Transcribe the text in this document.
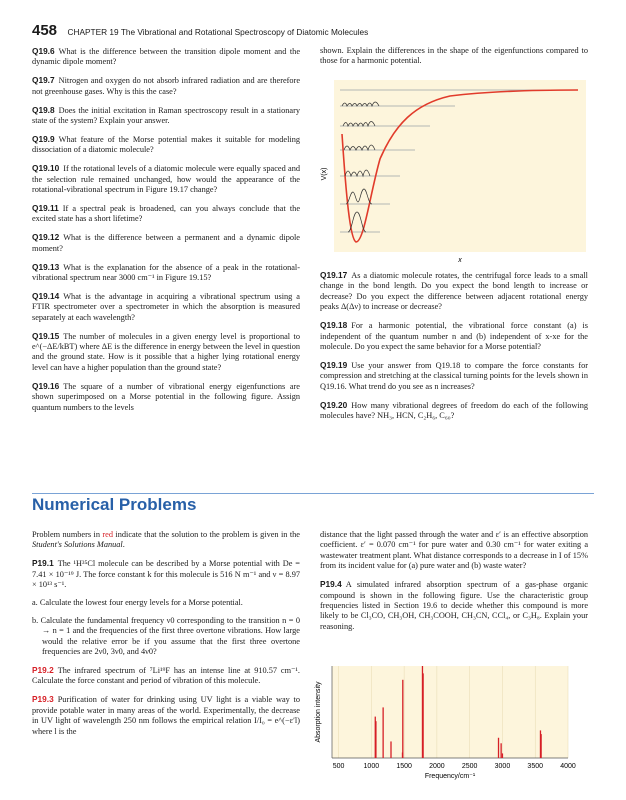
458 CHAPTER 19 The Vibrational and Rotational Spectroscopy of Diatomic Molecules

Q19.6 What is the difference between the transition dipole moment and the dynamic dipole moment?

Q19.7 Nitrogen and oxygen do not absorb infrared radiation and are therefore not greenhouse gases. Why is this the case?

Q19.8 Does the initial excitation in Raman spectroscopy result in a stationary state of the system? Explain your answer.

Q19.9 What feature of the Morse potential makes it suitable for modeling dissociation of a diatomic molecule?

Q19.10 If the rotational levels of a diatomic molecule were equally spaced and the selection rule remained unchanged, how would the appearance of the rotational-vibrational spectrum in Figure 19.17 change?

Q19.11 If a spectral peak is broadened, can you always conclude that the excited state has a short lifetime?

Q19.12 What is the difference between a permanent and a dynamic dipole moment?

Q19.13 What is the explanation for the absence of a peak in the rotational-vibrational spectrum near 3000 cm⁻¹ in Figure 19.15?

Q19.14 What is the advantage in acquiring a vibrational spectrum using a FTIR spectrometer over a spectrometer in which the absorption is measured separately at each wavelength?

Q19.15 The number of molecules in a given energy level is proportional to e^(−ΔE/kBT) where ΔE is the difference in energy between the level in question and the ground state. How is it possible that a higher lying rotational energy level can have a higher population than the ground state?

Q19.16 The square of a number of vibrational energy eigenfunctions are shown superimposed on a Morse potential in the following figure. Assign quantum numbers to the levels

shown. Explain the differences in the shape of the eigenfunctions compared to those for a harmonic potential.

V(x)
x

Q19.17 As a diatomic molecule rotates, the centrifugal force leads to a small change in the bond length. Do you expect the bond length to increase or decrease? Do you expect the difference between adjacent rotational energy peaks Δ(Δν) to increase or decrease?

Q19.18 For a harmonic potential, the vibrational force constant (a) is independent of the quantum number n and (b) independent of x-xe for the molecule. Do you expect the same behavior for a Morse potential?

Q19.19 Use your answer from Q19.18 to compare the force constants for compression and stretching at the classical turning points for the levels shown in Q19.16. What trend do you see as n increases?

Q19.20 How many vibrational degrees of freedom do each of the following molecules have? NH₃, HCN, C₂H₆, C₆₀?

Numerical Problems

Problem numbers in red indicate that the solution to the problem is given in the Student's Solutions Manual.

P19.1 The ¹H³⁵Cl molecule can be described by a Morse potential with De = 7.41 × 10⁻¹⁹ J. The force constant k for this molecule is 516 N m⁻¹ and ν = 8.97 × 10¹³ s⁻¹.

a. Calculate the lowest four energy levels for a Morse potential.

b. Calculate the fundamental frequency ν0 corresponding to the transition n = 0 → n = 1 and the frequencies of the first three overtone vibrations. How large would the relative error be if you assume that the first three overtone frequencies are 2ν0, 3ν0, and 4ν0?

P19.2 The infrared spectrum of ⁷Li¹⁹F has an intense line at 910.57 cm⁻¹. Calculate the force constant and period of vibration of this molecule.

P19.3 Purification of water for drinking using UV light is a viable way to provide potable water in many areas of the world. Experimentally, the decrease in UV light of wavelength 250 nm follows the empirical relation I/I₀ = e^(−ε′l) where l is the

distance that the light passed through the water and ε′ is an effective absorption coefficient. ε′ = 0.070 cm⁻¹ for pure water and 0.30 cm⁻¹ for water exiting a wastewater treatment plant. What distance corresponds to a decrease in I of 15% from its incident value for (a) pure water and (b) waste water?

P19.4 A simulated infrared absorption spectrum of a gas-phase organic compound is shown in the following figure. Use the characteristic group frequencies listed in Section 19.6 to decide whether this compound is more likely to be Cl₃CO, CH₃OH, CH₃COOH, CH₃CN, CCl₄, or C₃H₈. Explain your reasoning.

500	1000 1500 2000 2500 3000 3500 4000
Frequency/cm⁻¹
Absorption intensity
